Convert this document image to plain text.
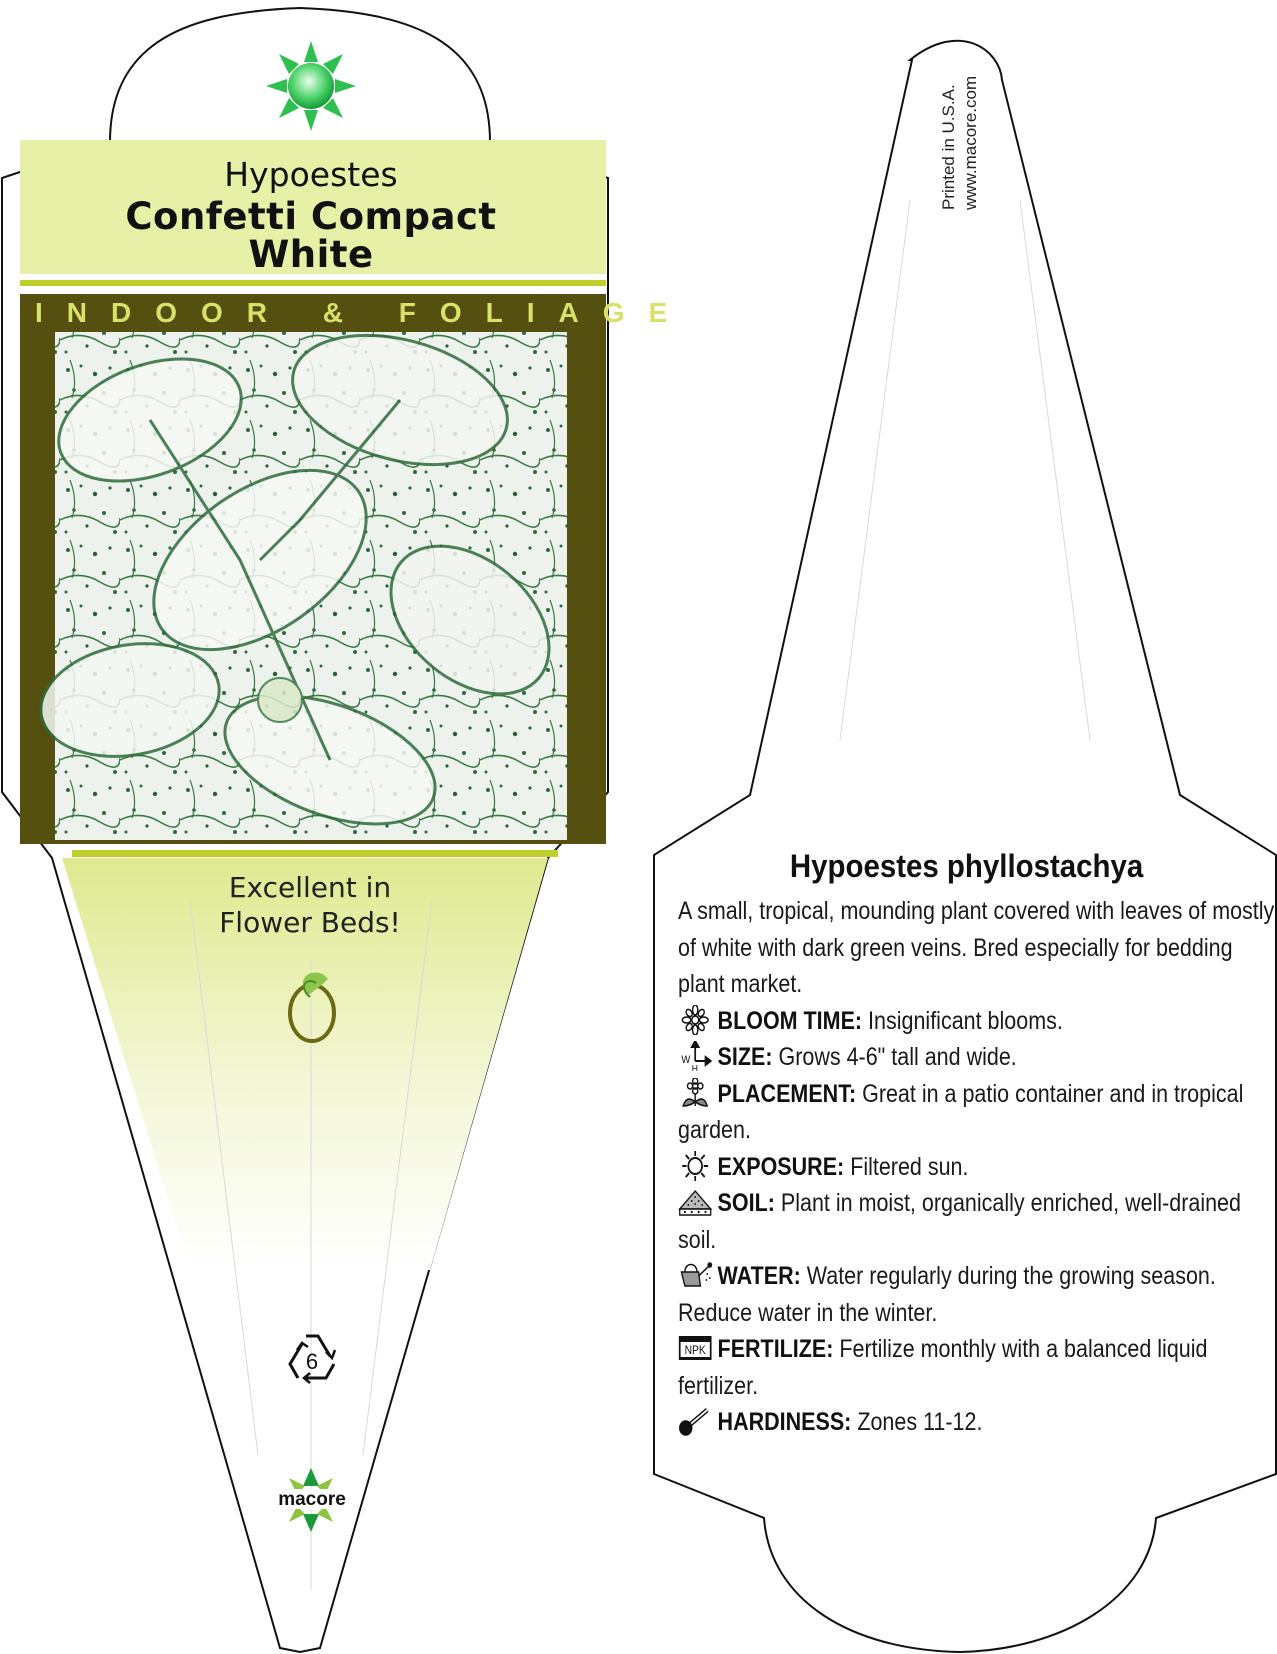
Hypoestes
Confetti Compact
White
INDOOR & FOLIAGE
Excellent in
Flower Beds!
6
macore
Printed in U.S.A. www.macore.com
Hypoestes phyllostachya

A small, tropical, mounding plant covered with leaves of mostly of white with dark green veins. Bred especially for bedding plant market.

BLOOM TIME: Insignificant blooms.
W
H SIZE: Grows 4-6" tall and wide.
PLACEMENT: Great in a patio container and in tropical garden.
EXPOSURE: Filtered sun.
SOIL: Plant in moist, organically enriched, well-drained soil.
WATER: Water regularly during the growing season. Reduce water in the winter.
NPK FERTILIZE: Fertilize monthly with a balanced liquid fertilizer.
HARDINESS: Zones 11-12.
